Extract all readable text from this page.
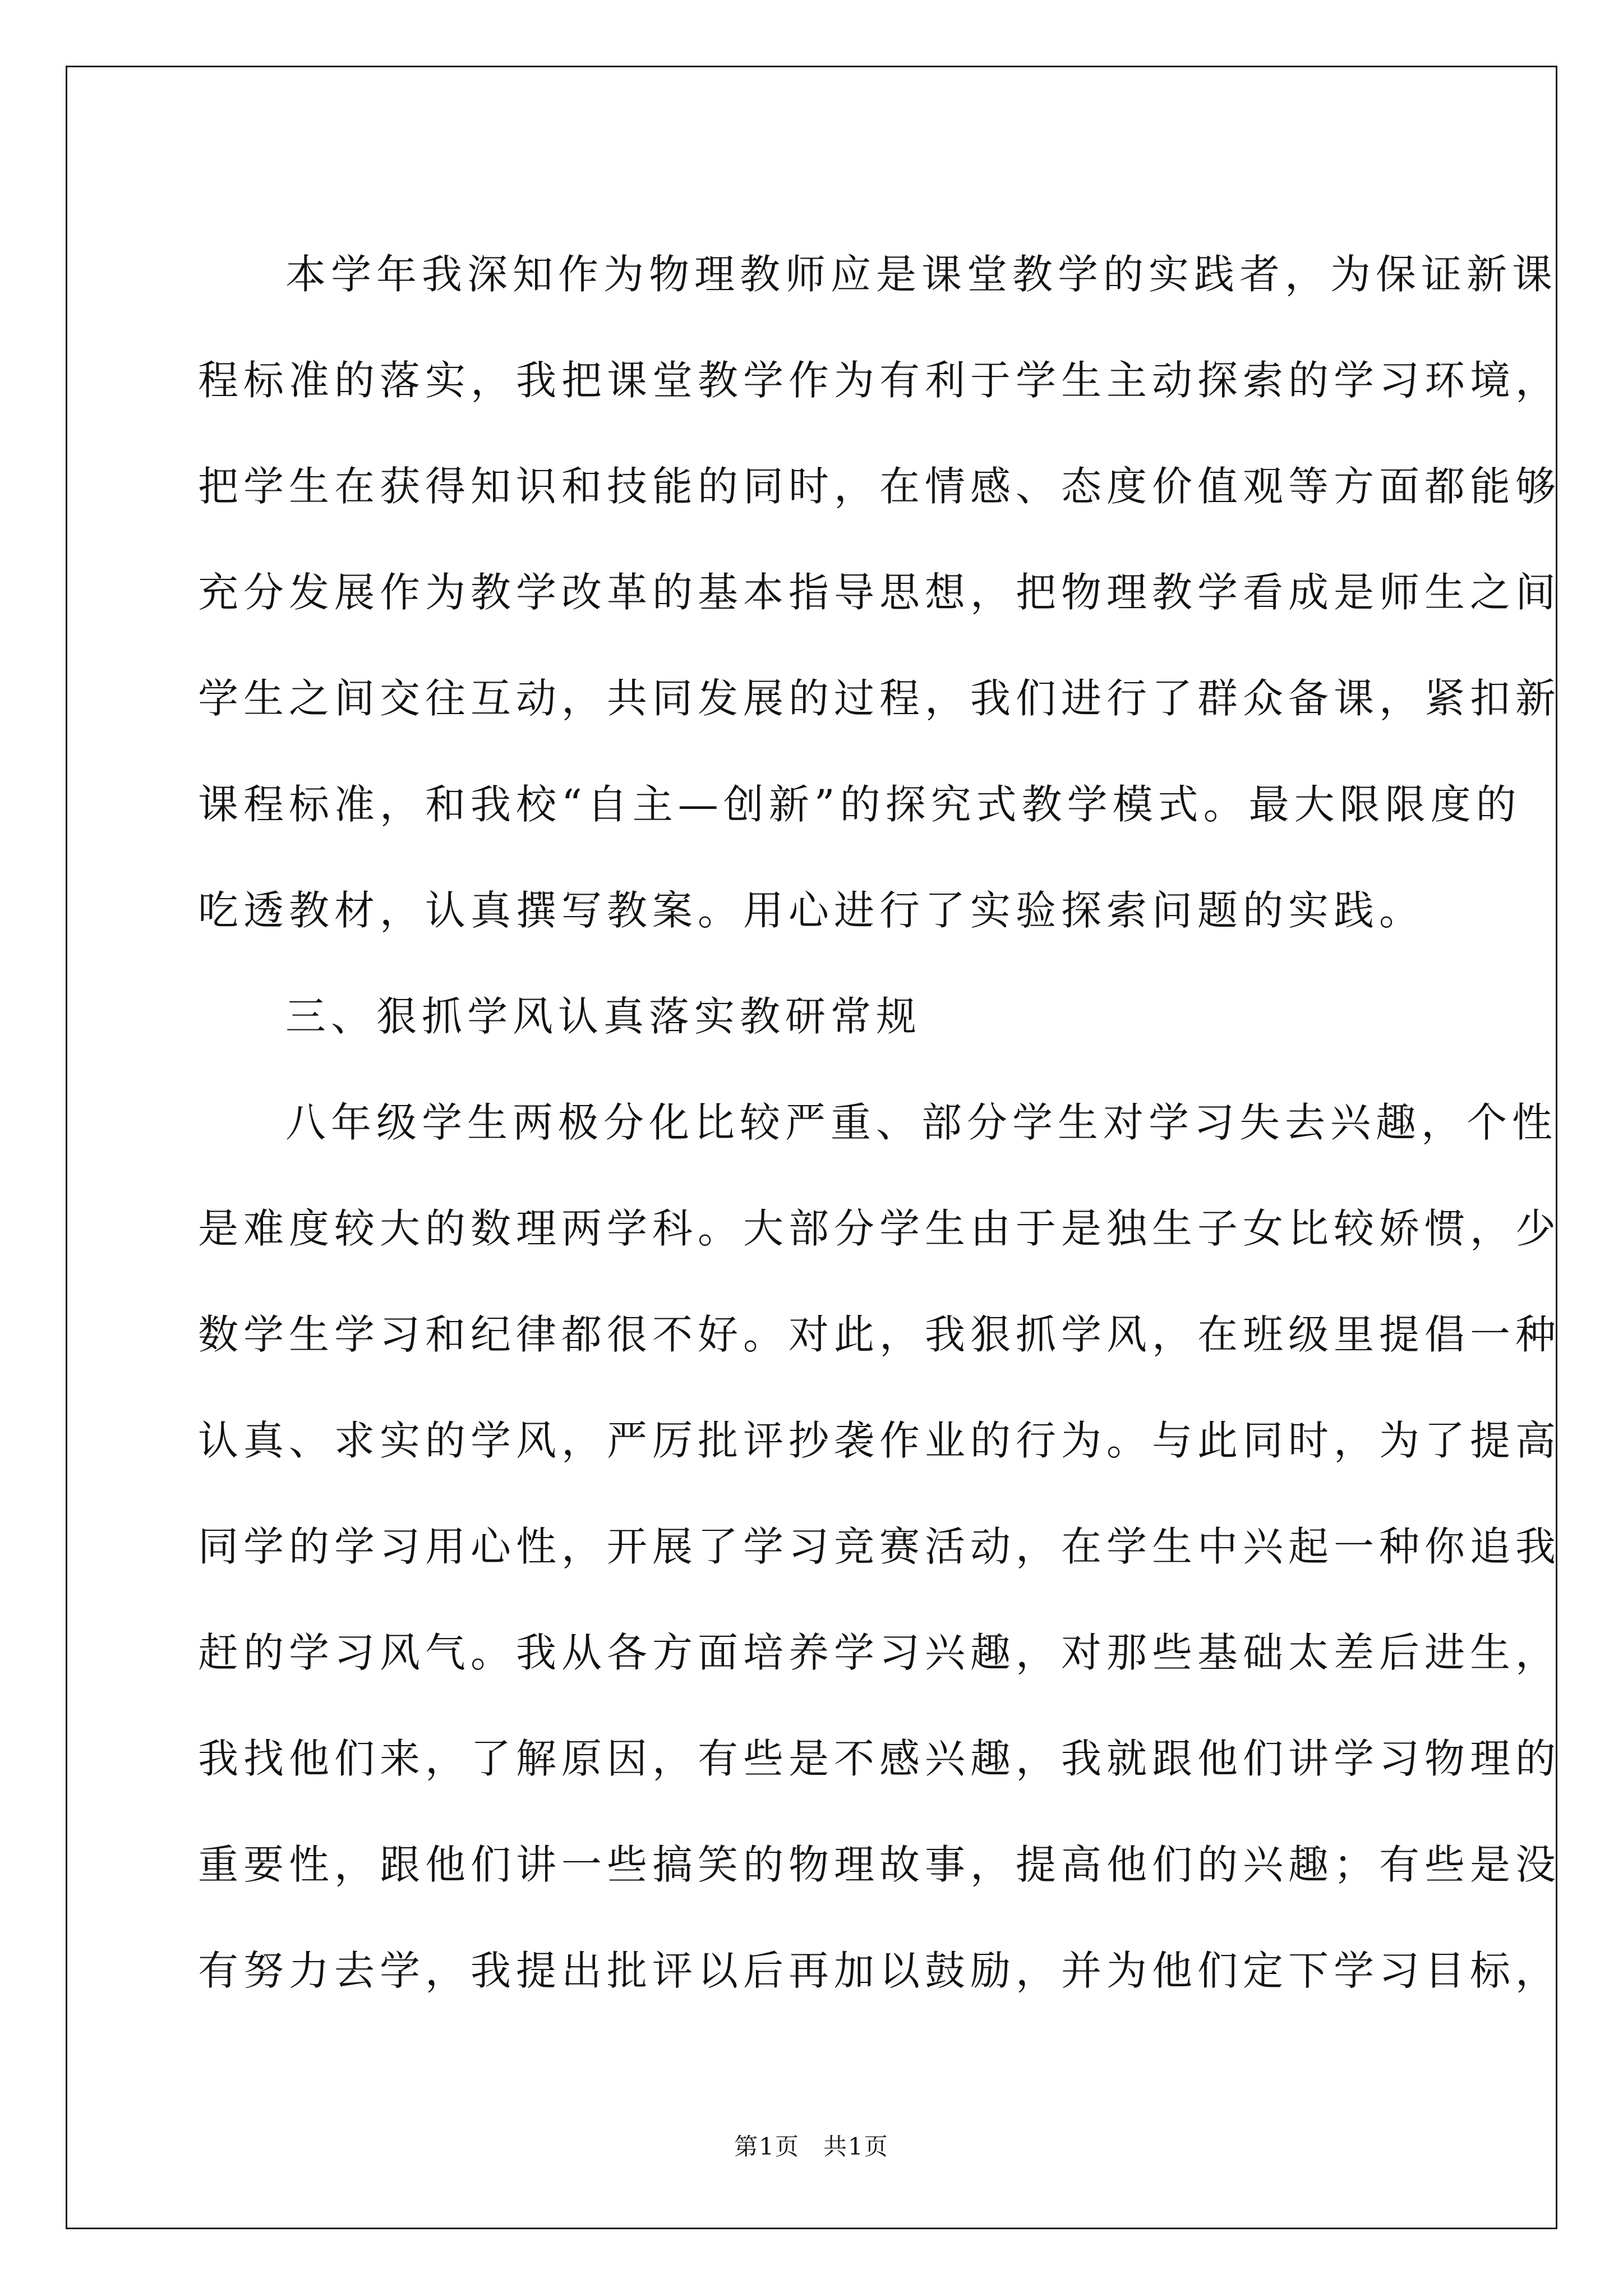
本学年我深知作为物理教师应是课堂教学的实践者，为保证新课
程标准的落实，我把课堂教学作为有利于学生主动探索的学习环境，
把学生在获得知识和技能的同时，在情感、态度价值观等方面都能够
充分发展作为教学改革的基本指导思想，把物理教学看成是师生之间
学生之间交往互动，共同发展的过程，我们进行了群众备课，紧扣新
课程标准，和我校“自主—创新”的探究式教学模式。最大限限度的
吃透教材，认真撰写教案。用心进行了实验探索问题的实践。
三、狠抓学风认真落实教研常规
八年级学生两极分化比较严重、部分学生对学习失去兴趣，个性
是难度较大的数理两学科。大部分学生由于是独生子女比较娇惯，少
数学生学习和纪律都很不好。对此，我狠抓学风，在班级里提倡一种
认真、求实的学风，严厉批评抄袭作业的行为。与此同时，为了提高
同学的学习用心性，开展了学习竞赛活动，在学生中兴起一种你追我
赶的学习风气。我从各方面培养学习兴趣，对那些基础太差后进生，
我找他们来，了解原因，有些是不感兴趣，我就跟他们讲学习物理的
重要性，跟他们讲一些搞笑的物理故事，提高他们的兴趣；有些是没
有努力去学，我提出批评以后再加以鼓励，并为他们定下学习目标，
第1页 共1页
